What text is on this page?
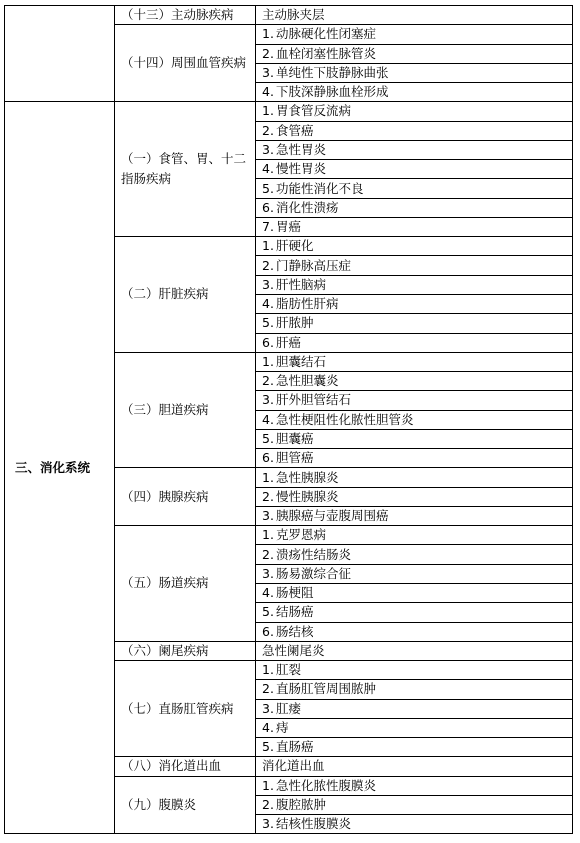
	（十三）主动脉疾病	主动脉夹层
	（十四）周围血管疾病	1. 动脉硬化性闭塞症
		2. 血栓闭塞性脉管炎
		3. 单纯性下肢静脉曲张
		4. 下肢深静脉血栓形成
三、消化系统	（一）食管、胃、十二指肠疾病	1. 胃食管反流病
		2. 食管癌
		3. 急性胃炎
		4. 慢性胃炎
		5. 功能性消化不良
		6. 消化性溃疡
		7. 胃癌
	（二）肝脏疾病	1. 肝硬化
		2. 门静脉高压症
		3. 肝性脑病
		4. 脂肪性肝病
		5. 肝脓肿
		6. 肝癌
	（三）胆道疾病	1. 胆囊结石
		2. 急性胆囊炎
		3. 肝外胆管结石
		4. 急性梗阻性化脓性胆管炎
		5. 胆囊癌
		6. 胆管癌
	（四）胰腺疾病	1. 急性胰腺炎
		2. 慢性胰腺炎
		3. 胰腺癌与壶腹周围癌
	（五）肠道疾病	1. 克罗恩病
		2. 溃疡性结肠炎
		3. 肠易激综合征
		4. 肠梗阻
		5. 结肠癌
		6. 肠结核
	（六）阑尾疾病	急性阑尾炎
	（七）直肠肛管疾病	1. 肛裂
		2. 直肠肛管周围脓肿
		3. 肛瘘
		4. 痔
		5. 直肠癌
	（八）消化道出血	消化道出血
	（九）腹膜炎	1. 急性化脓性腹膜炎
		2. 腹腔脓肿
		3. 结核性腹膜炎
